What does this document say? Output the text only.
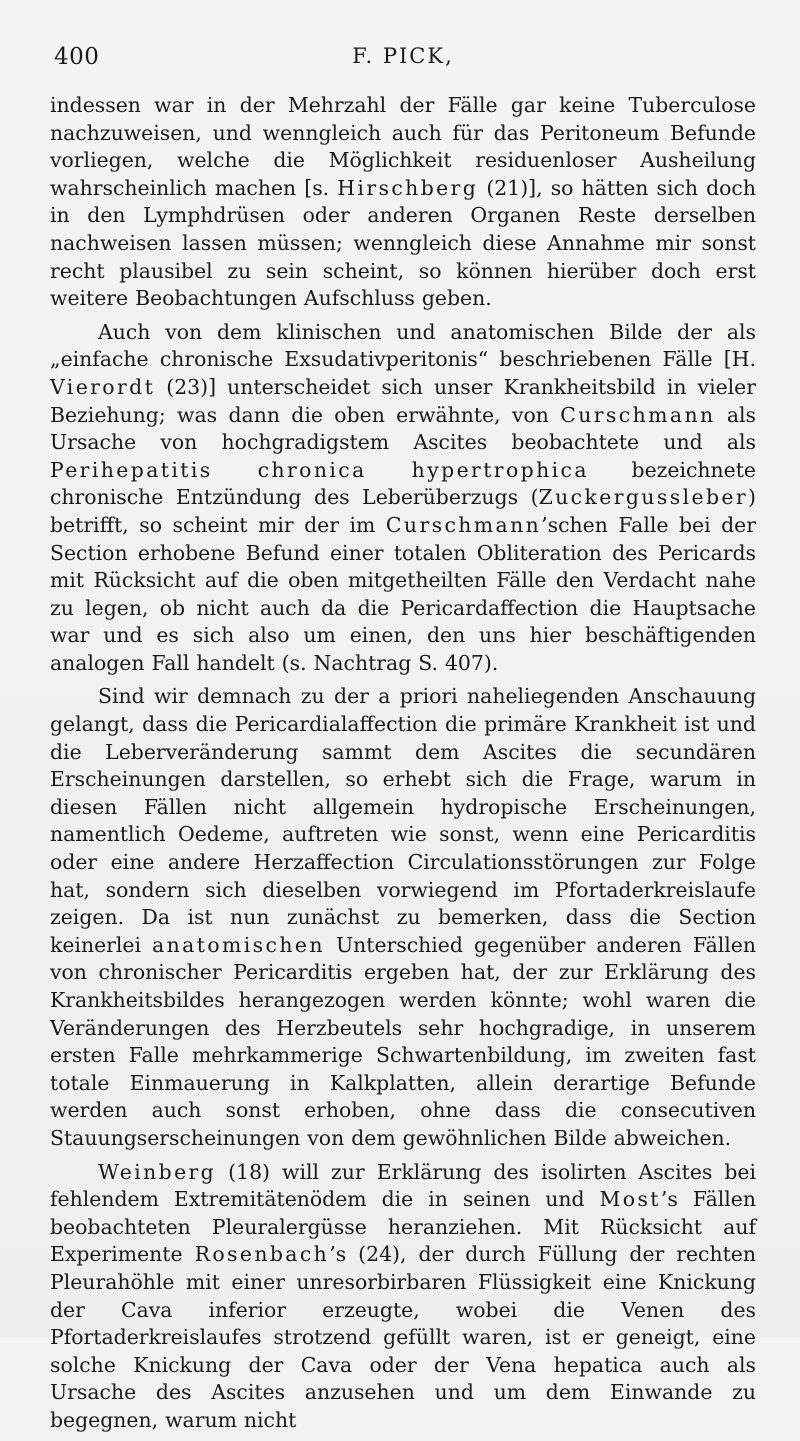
400	F. PICK,

indessen war in der Mehrzahl der Fälle gar keine Tuberculose nachzuweisen, und wenngleich auch für das Peritoneum Befunde vorliegen, welche die Möglichkeit residuenloser Ausheilung wahrscheinlich machen [s. Hirschberg (21)], so hätten sich doch in den Lymphdrüsen oder anderen Organen Reste derselben nachweisen lassen müssen; wenngleich diese Annahme mir sonst recht plausibel zu sein scheint, so können hierüber doch erst weitere Beobachtungen Aufschluss geben.

Auch von dem klinischen und anatomischen Bilde der als „einfache chronische Exsudativperitonis“ beschriebenen Fälle [H. Vierordt (23)] unterscheidet sich unser Krankheitsbild in vieler Beziehung; was dann die oben erwähnte, von Curschmann als Ursache von hochgradigstem Ascites beobachtete und als Perihepatitis chronica hypertrophica bezeichnete chronische Entzündung des Leberüberzugs (Zuckergussleber) betrifft, so scheint mir der im Curschmann’schen Falle bei der Section erhobene Befund einer totalen Obliteration des Pericards mit Rücksicht auf die oben mitgetheilten Fälle den Verdacht nahe zu legen, ob nicht auch da die Pericardaffection die Hauptsache war und es sich also um einen, den uns hier beschäftigenden analogen Fall handelt (s. Nachtrag S. 407).

Sind wir demnach zu der a priori naheliegenden Anschauung gelangt, dass die Pericardialaffection die primäre Krankheit ist und die Leberveränderung sammt dem Ascites die secundären Erscheinungen darstellen, so erhebt sich die Frage, warum in diesen Fällen nicht allgemein hydropische Erscheinungen, namentlich Oedeme, auftreten wie sonst, wenn eine Pericarditis oder eine andere Herzaffection Circulationsstörungen zur Folge hat, sondern sich dieselben vorwiegend im Pfortaderkreislaufe zeigen. Da ist nun zunächst zu bemerken, dass die Section keinerlei anatomischen Unterschied gegenüber anderen Fällen von chronischer Pericarditis ergeben hat, der zur Erklärung des Krankheitsbildes herangezogen werden könnte; wohl waren die Veränderungen des Herzbeutels sehr hochgradige, in unserem ersten Falle mehrkammerige Schwartenbildung, im zweiten fast totale Einmauerung in Kalkplatten, allein derartige Befunde werden auch sonst erhoben, ohne dass die consecutiven Stauungserscheinungen von dem gewöhnlichen Bilde abweichen.

Weinberg (18) will zur Erklärung des isolirten Ascites bei fehlendem Extremitätenödem die in seinen und Most’s Fällen beobachteten Pleuralergüsse heranziehen. Mit Rücksicht auf Experimente Rosenbach’s (24), der durch Füllung der rechten Pleurahöhle mit einer unresorbirbaren Flüssigkeit eine Knickung der Cava inferior erzeugte, wobei die Venen des Pfortaderkreislaufes strotzend gefüllt waren, ist er geneigt, eine solche Knickung der Cava oder der Vena hepatica auch als Ursache des Ascites anzusehen und um dem Einwande zu begegnen, warum nicht
